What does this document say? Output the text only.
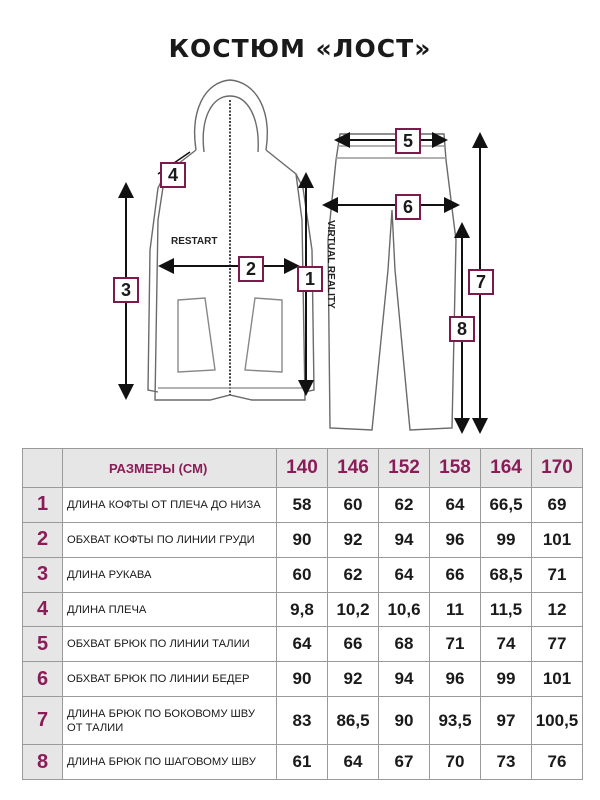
КОСТЮМ «ЛОСТ»
RESTART	VIRTUAL REALITY
1
2
3
4
5
6
7
8
	РАЗМЕРЫ (СМ)	140	146	152	158	164	170
1	ДЛИНА КОФТЫ ОТ ПЛЕЧА ДО НИЗА	58	60	62	64	66,5	69
2	ОБХВАТ КОФТЫ ПО ЛИНИИ ГРУДИ	90	92	94	96	99	101
3	ДЛИНА РУКАВА	60	62	64	66	68,5	71
4	ДЛИНА ПЛЕЧА	9,8	10,2	10,6	11	11,5	12
5	ОБХВАТ БРЮК ПО ЛИНИИ ТАЛИИ	64	66	68	71	74	77
6	ОБХВАТ БРЮК ПО ЛИНИИ БЕДЕР	90	92	94	96	99	101
7	ДЛИНА БРЮК ПО БОКОВОМУ ШВУ ОТ ТАЛИИ	83	86,5	90	93,5	97	100,5
8	ДЛИНА БРЮК ПО ШАГОВОМУ ШВУ	61	64	67	70	73	76
